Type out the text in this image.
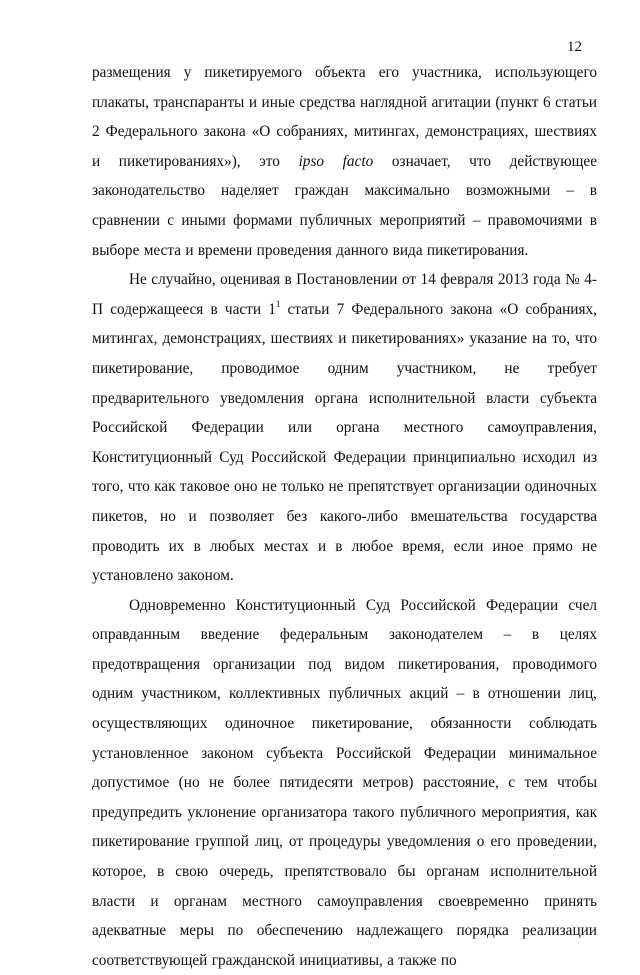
12

размещения у пикетируемого объекта его участника, использующего плакаты, транспаранты и иные средства наглядной агитации (пункт 6 статьи 2 Федерального закона «О собраниях, митингах, демонстрациях, шествиях и пикетированиях»), это ipso facto означает, что действующее законодательство наделяет граждан максимально возможными – в сравнении с иными формами публичных мероприятий – правомочиями в выборе места и времени проведения данного вида пикетирования.

Не случайно, оценивая в Постановлении от 14 февраля 2013 года № 4-П содержащееся в части $1^1$ статьи 7 Федерального закона «О собраниях, митингах, демонстрациях, шествиях и пикетированиях» указание на то, что пикетирование, проводимое одним участником, не требует предварительного уведомления органа исполнительной власти субъекта Российской Федерации или органа местного самоуправления, Конституционный Суд Российской Федерации принципиально исходил из того, что как таковое оно не только не препятствует организации одиночных пикетов, но и позволяет без какого-либо вмешательства государства проводить их в любых местах и в любое время, если иное прямо не установлено законом.

Одновременно Конституционный Суд Российской Федерации счел оправданным введение федеральным законодателем – в целях предотвращения организации под видом пикетирования, проводимого одним участником, коллективных публичных акций – в отношении лиц, осуществляющих одиночное пикетирование, обязанности соблюдать установленное законом субъекта Российской Федерации минимальное допустимое (но не более пятидесяти метров) расстояние, с тем чтобы предупредить уклонение организатора такого публичного мероприятия, как пикетирование группой лиц, от процедуры уведомления о его проведении, которое, в свою очередь, препятствовало бы органам исполнительной власти и органам местного самоуправления своевременно принять адекватные меры по обеспечению надлежащего порядка реализации соответствующей гражданской инициативы, а также по
